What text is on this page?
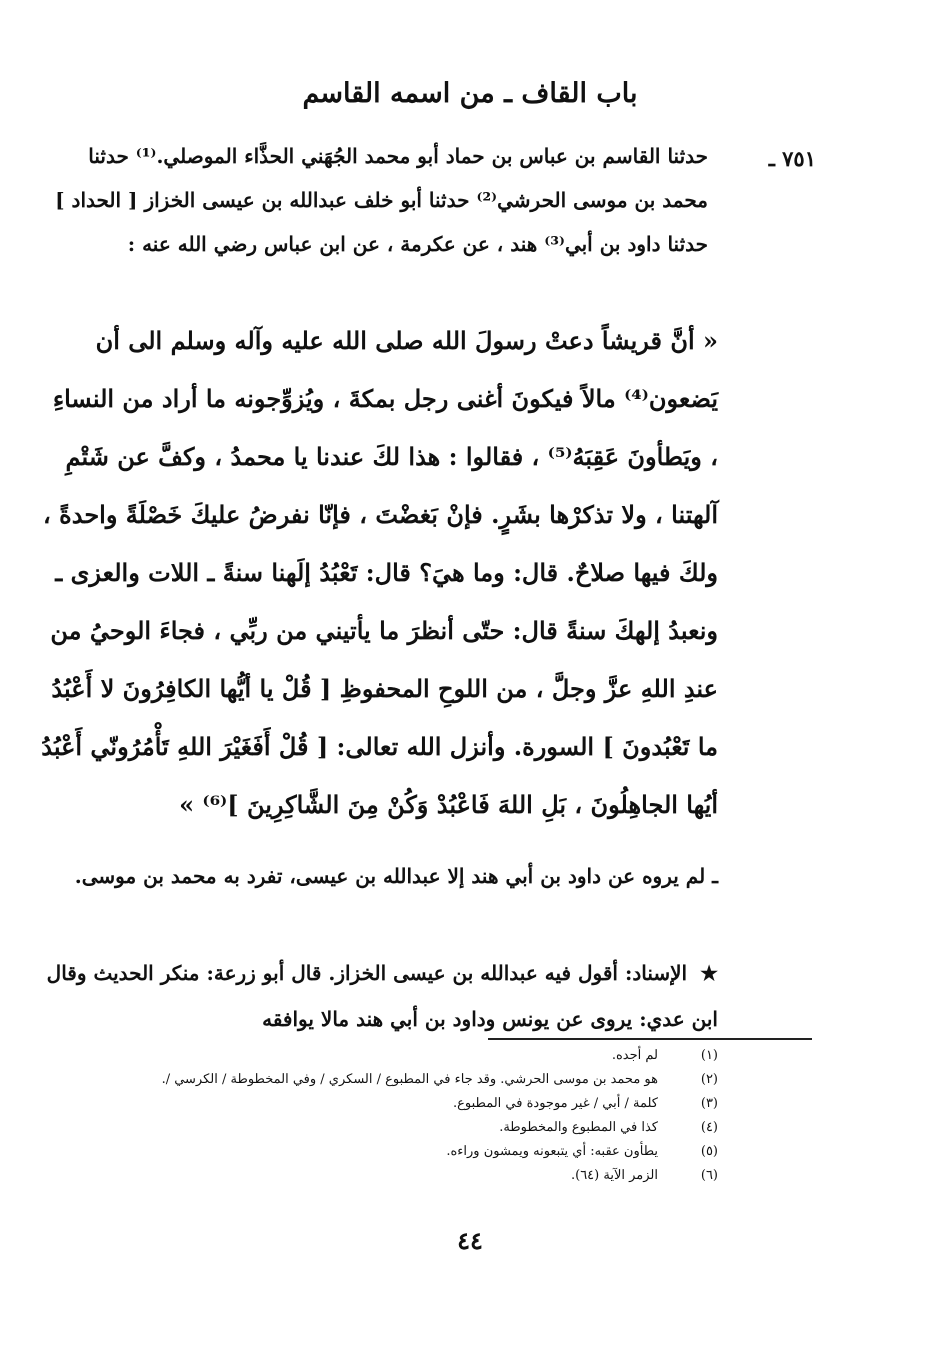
باب القاف ـ من اسمه القاسم
٧٥١ ـ
حدثنا القاسم بن عباس بن حماد أبو محمد الجُهَني الحذَّاء الموصلي.⁽¹⁾ حدثنا محمد بن موسى الحرشي⁽²⁾ حدثنا أبو خلف عبدالله بن عيسى الخزاز [ الحداد ] حدثنا داود بن أبي⁽³⁾ هند ، عن عكرمة ، عن ابن عباس رضي الله عنه :
« أنَّ قريشاً دعتْ رسولَ الله صلى الله عليه وآله وسلم الى أن يَضعون⁽⁴⁾ مالاً فيكونَ أغنى رجل بمكةَ ، ويُزوِّجونه ما أراد من النساءِ ، ويَطأونَ عَقِبَهُ⁽⁵⁾ ، فقالوا : هذا لكَ عندنا يا محمدُ ، وكفَّ عن شَتْمِ آلهتنا ، ولا تذكرْها بشَرٍ. فإنْ بَغضْتَ ، فإنّا نفرضُ عليكَ خَصْلَةً واحدةً ، ولكَ فيها صلاحٌ. قال: وما هيَ؟ قال: تَعْبُدُ إلَهنا سنةً ـ اللات والعزى ـ ونعبدُ إلهكَ سنةً قال: حتّى أنظرَ ما يأتيني من ربِّي ، فجاءَ الوحيُ من عندِ اللهِ عزَّ وجلَّ ، من اللوحِ المحفوظِ [ قُلْ يا أيُّها الكافِرُونَ لا أَعْبُدُ ما تَعْبُدونَ ] السورة. وأنزل الله تعالى: [ قُلْ أَفَغَيْرَ اللهِ تَأْمُرُونّي أَعْبُدُ أيُها الجاهِلُونَ ، بَلِ اللهَ فَاعْبُدْ وَكُنْ مِنَ الشَّاكِرِينَ ]⁽⁶⁾ »
ـ لم يروه عن داود بن أبي هند إلا عبدالله بن عيسى، تفرد به محمد بن موسى.
★ الإسناد: أقول فيه عبدالله بن عيسى الخزاز. قال أبو زرعة: منكر الحديث وقال ابن عدي: يروى عن يونس وداود بن أبي هند مالا يوافقه
(١)
لم أجده.
(٢)
هو محمد بن موسى الحرشي. وقد جاء في المطبوع / السكري / وفي المخطوطة / الكرسي /.
(٣)
كلمة / أبي / غير موجودة في المطبوع.
(٤)
كذا في المطبوع والمخطوطة.
(٥)
يطأون عقبه: أي يتبعونه ويمشون وراءه.
(٦)
الزمر الآية (٦٤).
٤٤
